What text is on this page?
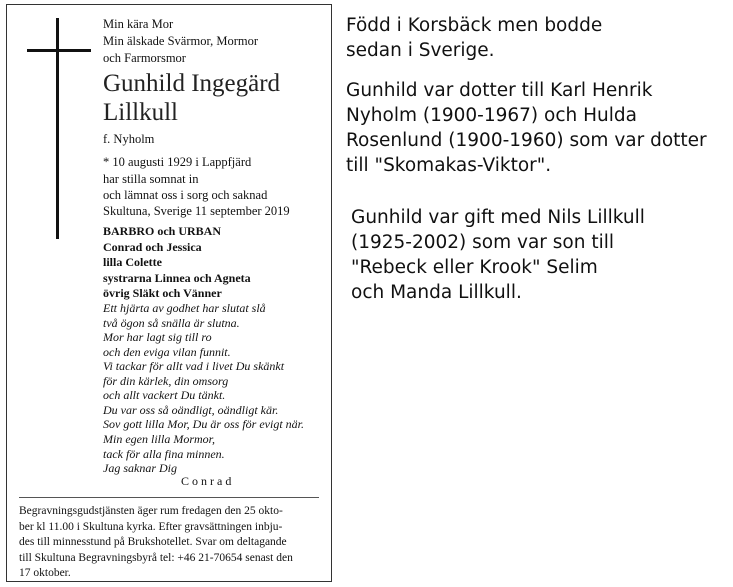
Min kära Mor
Min älskade Svärmor, Mormor
och Farmorsmor
Gunhild Ingegärd
Lillkull
f. Nyholm
* 10 augusti 1929 i Lappfjärd
har stilla somnat in
och lämnat oss i sorg och saknad
Skultuna, Sverige 11 september 2019
BARBRO och URBAN
Conrad och Jessica
lilla Colette
systrarna Linnea och Agneta
övrig Släkt och Vänner
Ett hjärta av godhet har slutat slå
två ögon så snälla är slutna.
Mor har lagt sig till ro
och den eviga vilan funnit.
Vi tackar för allt vad i livet Du skänkt
för din kärlek, din omsorg
och allt vackert Du tänkt.
Du var oss så oändligt, oändligt kär.
Sov gott lilla Mor, Du är oss för evigt när.
Min egen lilla Mormor,
tack för alla fina minnen.
Jag saknar Dig
Conrad
Begravningsgudstjänsten äger rum fredagen den 25 okto-
ber kl 11.00 i Skultuna kyrka. Efter gravsättningen inbju-
des till minnesstund på Brukshotellet. Svar om deltagande
till Skultuna Begravningsbyrå tel: +46 21-70654 senast den
17 oktober.
Född i Korsbäck men bodde
sedan i Sverige.
Gunhild var dotter till Karl Henrik
Nyholm (1900-1967) och Hulda
Rosenlund (1900-1960) som var dotter
till "Skomakas-Viktor".
Gunhild var gift med Nils Lillkull
(1925-2002) som var son till
"Rebeck eller Krook" Selim
och Manda Lillkull.
